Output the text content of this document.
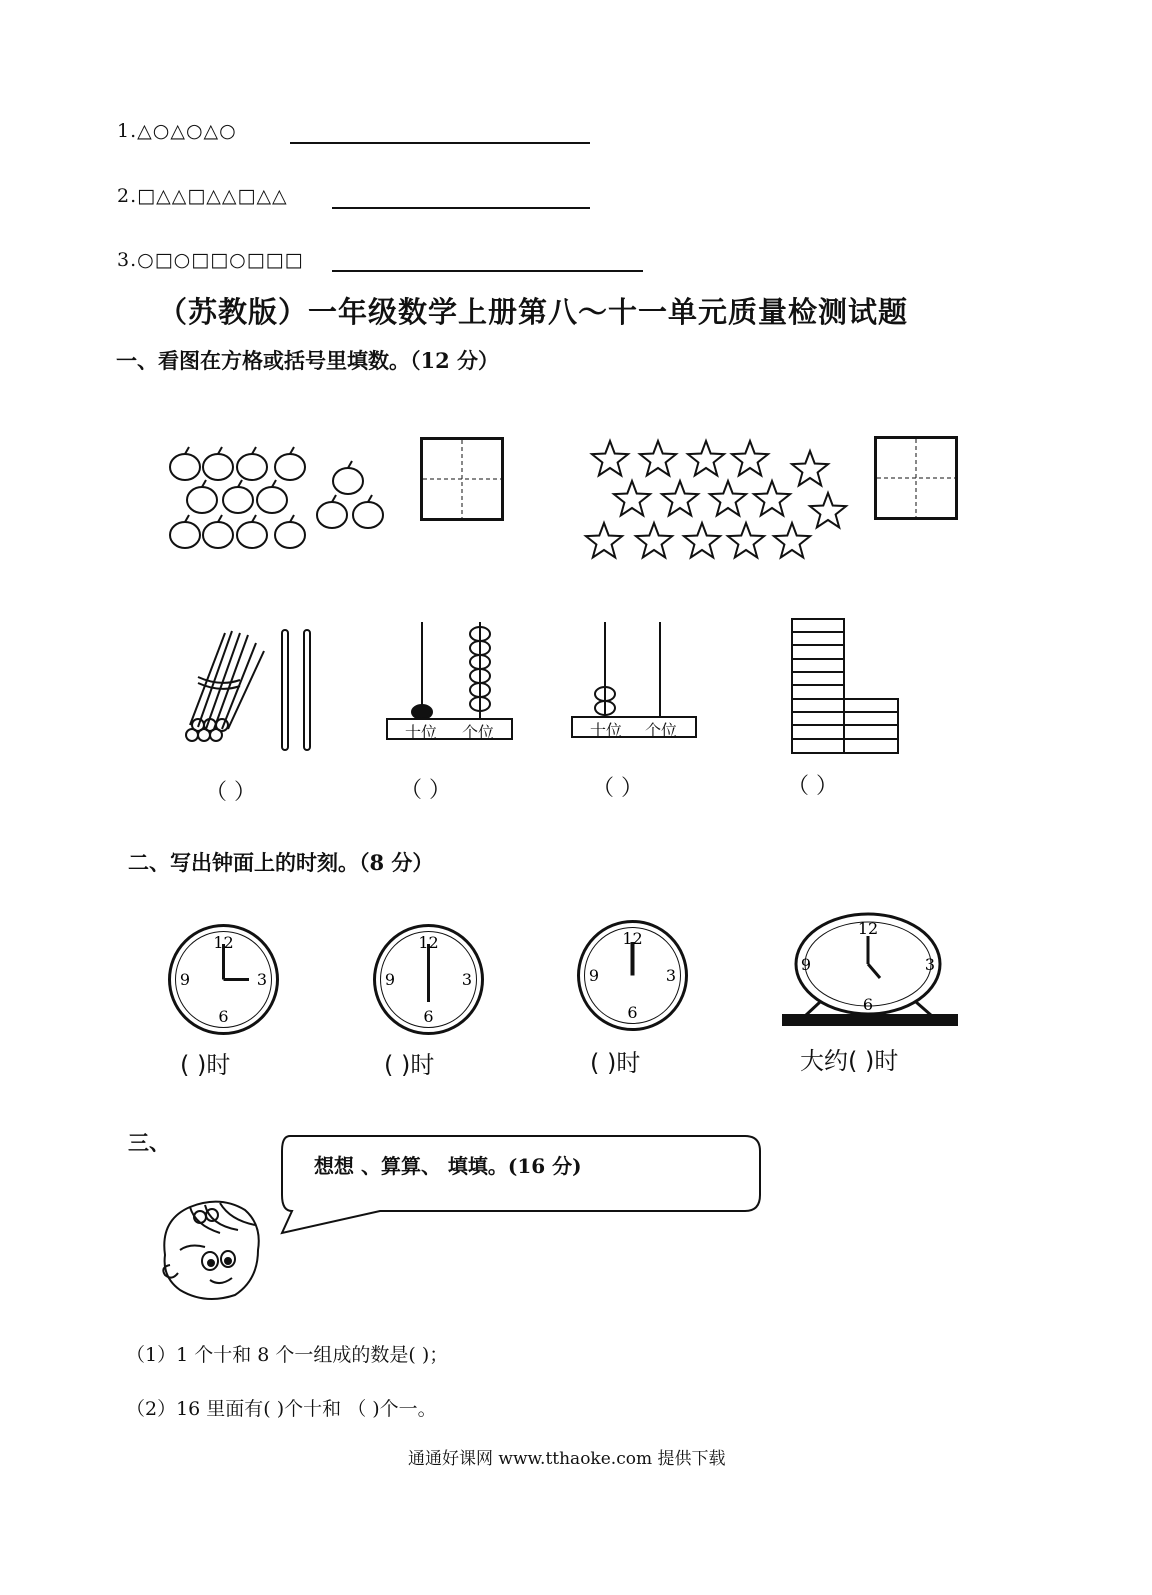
1.△○△○△○
2.□△△□△△□△△
3.○□○□□○□□□
（苏教版）一年级数学上册第八～十一单元质量检测试题
一、看图在方格或括号里填数。（12 分）
十位 个位	十位 个位
（ ）	（ ）	（ ）	（ ）
二、写出钟面上的时刻。（8 分）
12
3
6
9
12
3
6
9
12
3
6
9
12
3
6
9
( )时	( )时	( )时	大约( )时
三、
想想 、算算、 填填。(16 分)
（1）1 个十和 8 个一组成的数是( )；
（2）16 里面有( )个十和 （ )个一。
通通好课网 www.tthaoke.com 提供下载
